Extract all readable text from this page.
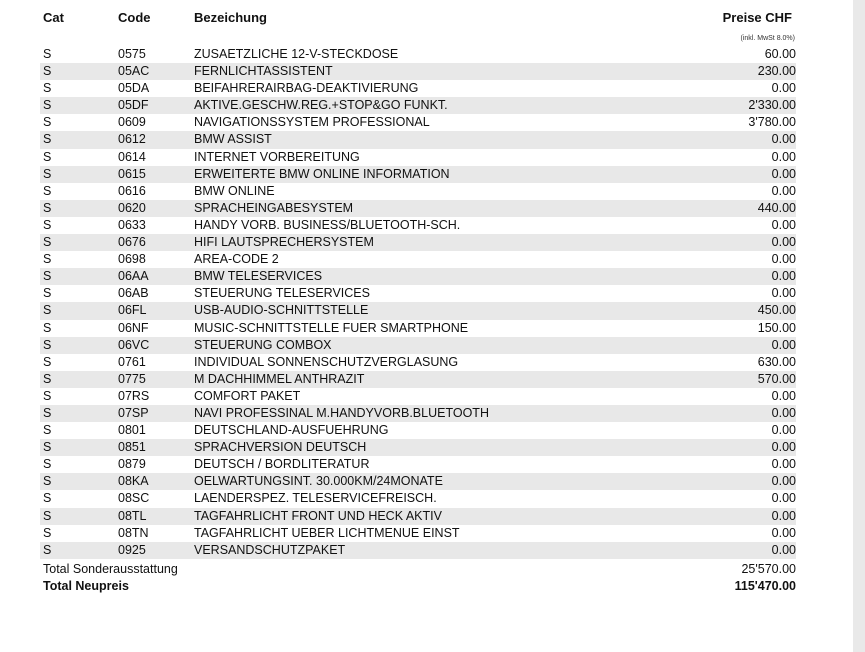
Cat	Code	Bezeichung	Preise CHF
(inkl. MwSt 8.0%)
S	0575	ZUSAETZLICHE 12-V-STECKDOSE	60.00
S	05AC	FERNLICHTASSISTENT	230.00
S	05DA	BEIFAHRERAIRBAG-DEAKTIVIERUNG	0.00
S	05DF	AKTIVE.GESCHW.REG.+STOP&GO FUNKT.	2'330.00
S	0609	NAVIGATIONSSYSTEM PROFESSIONAL	3'780.00
S	0612	BMW ASSIST	0.00
S	0614	INTERNET VORBEREITUNG	0.00
S	0615	ERWEITERTE BMW ONLINE INFORMATION	0.00
S	0616	BMW ONLINE	0.00
S	0620	SPRACHEINGABESYSTEM	440.00
S	0633	HANDY VORB. BUSINESS/BLUETOOTH-SCH.	0.00
S	0676	HIFI LAUTSPRECHERSYSTEM	0.00
S	0698	AREA-CODE 2	0.00
S	06AA	BMW TELESERVICES	0.00
S	06AB	STEUERUNG TELESERVICES	0.00
S	06FL	USB-AUDIO-SCHNITTSTELLE	450.00
S	06NF	MUSIC-SCHNITTSTELLE FUER SMARTPHONE	150.00
S	06VC	STEUERUNG COMBOX	0.00
S	0761	INDIVIDUAL SONNENSCHUTZVERGLASUNG	630.00
S	0775	M DACHHIMMEL ANTHRAZIT	570.00
S	07RS	COMFORT PAKET	0.00
S	07SP	NAVI PROFESSINAL M.HANDYVORB.BLUETOOTH	0.00
S	0801	DEUTSCHLAND-AUSFUEHRUNG	0.00
S	0851	SPRACHVERSION DEUTSCH	0.00
S	0879	DEUTSCH / BORDLITERATUR	0.00
S	08KA	OELWARTUNGSINT. 30.000KM/24MONATE	0.00
S	08SC	LAENDERSPEZ. TELESERVICEFREISCH.	0.00
S	08TL	TAGFAHRLICHT FRONT UND HECK AKTIV	0.00
S	08TN	TAGFAHRLICHT UEBER LICHTMENUE EINST	0.00
S	0925	VERSANDSCHUTZPAKET	0.00
Total Sonderausstattung	25'570.00
Total Neupreis	115'470.00
